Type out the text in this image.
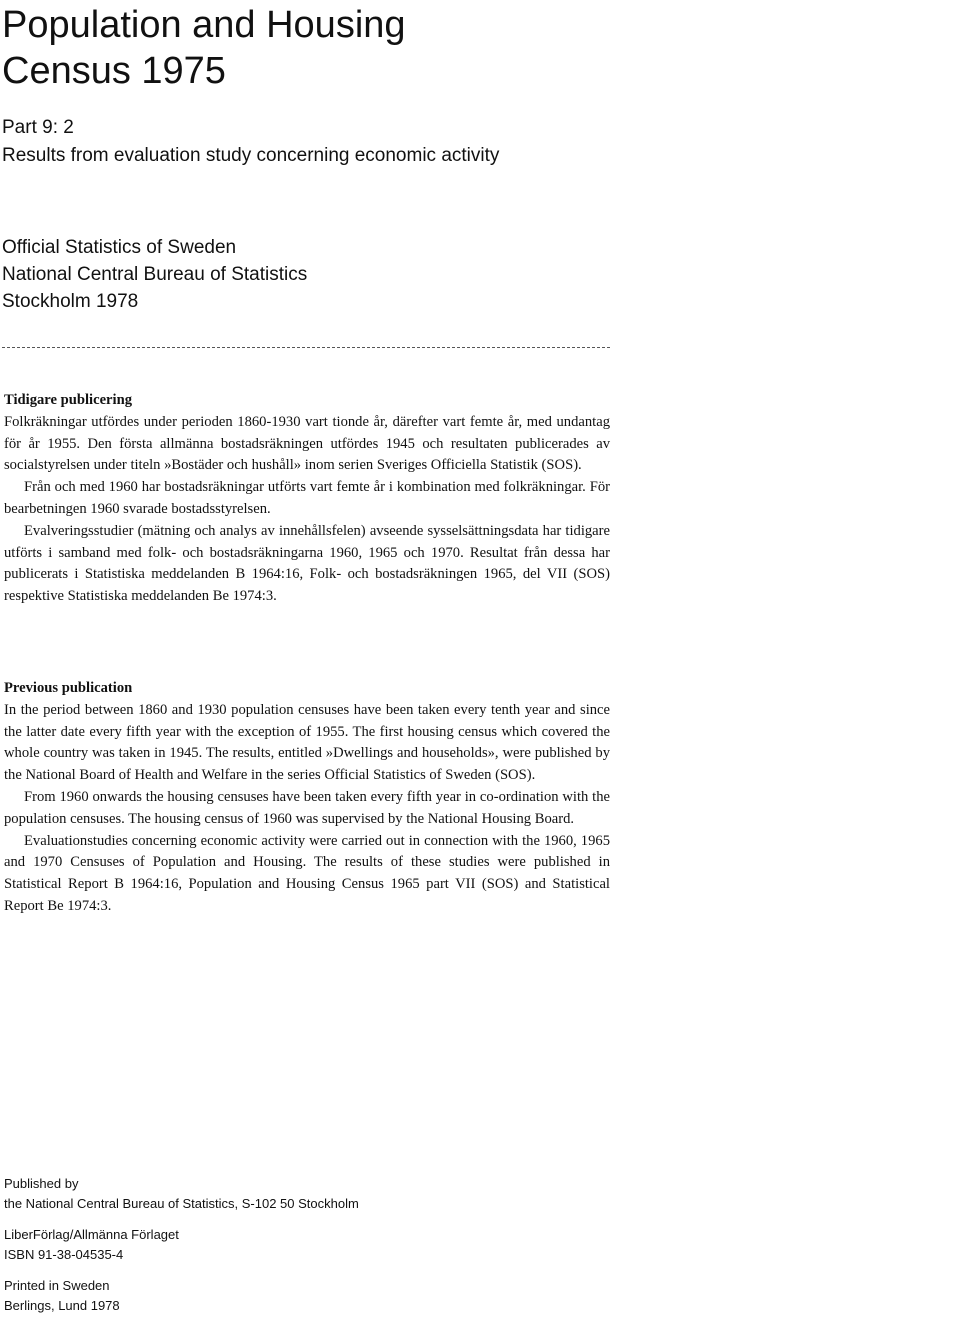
Population and Housing
Census 1975
Part 9: 2
Results from evaluation study concerning economic activity
Official Statistics of Sweden
National Central Bureau of Statistics
Stockholm 1978
Tidigare publicering

Folkräkningar utfördes under perioden 1860-1930 vart tionde år, därefter vart femte år, med undantag för år 1955. Den första allmänna bostadsräkningen utfördes 1945 och resultaten publicerades av socialstyrelsen under titeln »Bostäder och hushåll» inom serien Sveriges Officiella Statistik (SOS).

Från och med 1960 har bostadsräkningar utförts vart femte år i kombination med folkräkningar. För bearbetningen 1960 svarade bostadsstyrelsen.

Evalveringsstudier (mätning och analys av innehållsfelen) avseende sysselsättningsdata har tidigare utförts i samband med folk- och bostadsräkningarna 1960, 1965 och 1970. Resultat från dessa har publicerats i Statistiska meddelanden B 1964:16, Folk- och bostadsräkningen 1965, del VII (SOS) respektive Statistiska meddelanden Be 1974:3.

Previous publication

In the period between 1860 and 1930 population censuses have been taken every tenth year and since the latter date every fifth year with the exception of 1955. The first housing census which covered the whole country was taken in 1945. The results, entitled »Dwellings and households», were published by the National Board of Health and Welfare in the series Official Statistics of Sweden (SOS).

From 1960 onwards the housing censuses have been taken every fifth year in co-ordination with the population censuses. The housing census of 1960 was supervised by the National Housing Board.

Evaluationstudies concerning economic activity were carried out in connection with the 1960, 1965 and 1970 Censuses of Population and Housing. The results of these studies were published in Statistical Report B 1964:16, Population and Housing Census 1965 part VII (SOS) and Statistical Report Be 1974:3.

Published by
the National Central Bureau of Statistics, S-102 50 Stockholm
LiberFörlag/Allmänna Förlaget
ISBN 91-38-04535-4
Printed in Sweden
Berlings, Lund 1978
